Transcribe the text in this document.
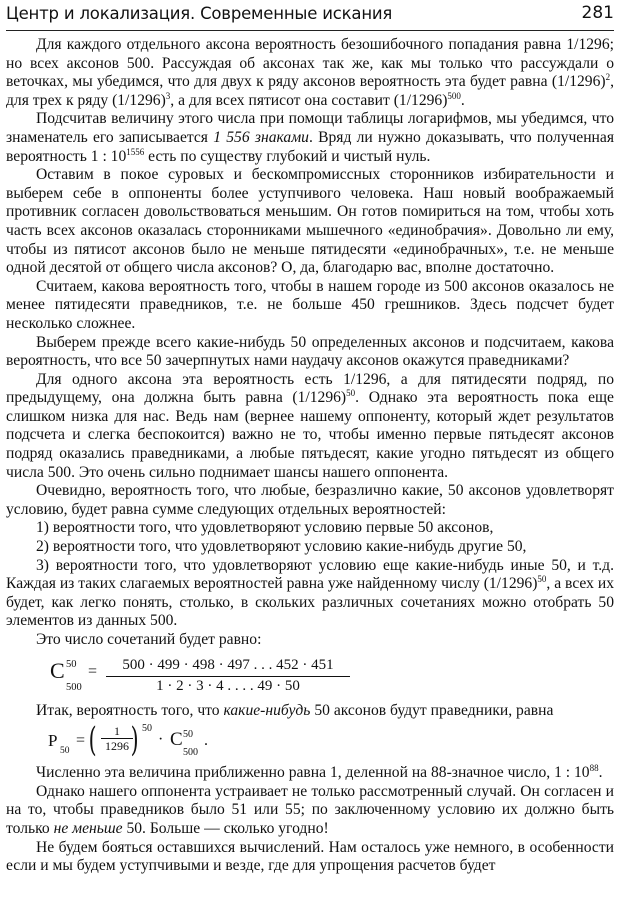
Центр и локализация. Современные искания	281

Для каждого отдельного аксона вероятность безошибочного попадания равна 1/1296; но всех аксонов 500. Рассуждая об аксонах так же, как мы только что рассуждали о веточках, мы убедимся, что для двух к ряду аксонов вероятность эта будет равна $(1/1296)^2$, для трех к ряду $(1/1296)^3$, а для всех пятисот она составит $(1/1296)^{500}$.

Подсчитав величину этого числа при помощи таблицы логарифмов, мы убедимся, что знаменатель его записывается 1 556 знаками. Вряд ли нужно доказывать, что полученная вероятность 1 : $10^{1556}$ есть по существу глубокий и чистый нуль.

Оставим в покое суровых и бескомпромиссных сторонников избирательности и выберем себе в оппоненты более уступчивого человека. Наш новый воображаемый противник согласен довольствоваться меньшим. Он готов помириться на том, чтобы хоть часть всех аксонов оказалась сторонниками мышечного «единобрачия». Довольно ли ему, чтобы из пятисот аксонов было не меньше пятидесяти «единобрачных», т.е. не меньше одной десятой от общего числа аксонов? О, да, благодарю вас, вполне достаточно.

Считаем, какова вероятность того, чтобы в нашем городе из 500 аксонов оказалось не менее пятидесяти праведников, т.е. не больше 450 грешников. Здесь подсчет будет несколько сложнее.

Выберем прежде всего какие-нибудь 50 определенных аксонов и подсчитаем, какова вероятность, что все 50 зачерпнутых нами наудачу аксонов окажутся праведниками?

Для одного аксона эта вероятность есть 1/1296, а для пятидесяти подряд, по предыдущему, она должна быть равна $(1/1296)^{50}$. Однако эта вероятность пока еще слишком низка для нас. Ведь нам (вернее нашему оппоненту, который ждет результатов подсчета и слегка беспокоится) важно не то, чтобы именно первые пятьдесят аксонов подряд оказались праведниками, а любые пятьдесят, какие угодно пятьдесят из общего числа 500. Это очень сильно поднимает шансы нашего оппонента.

Очевидно, вероятность того, что любые, безразлично какие, 50 аксонов удовлетворят условию, будет равна сумме следующих отдельных вероятностей:

1) вероятности того, что удовлетворяют условию первые 50 аксонов,

2) вероятности того, что удовлетворяют условию какие-нибудь другие 50,

3) вероятности того, что удовлетворяют условию еще какие-нибудь иные 50, и т.д. Каждая из таких слагаемых вероятностей равна уже найденному числу $(1/1296)^{50}$, а всех их будет, как легко понять, столько, в скольких различных сочетаниях можно отобрать 50 элементов из данных 500.

Это число сочетаний будет равно:

C 50
500
= $\frac{500 \cdot 499 \cdot 498 \cdot 497 . . . 452 \cdot 451}{1 \cdot 2 \cdot 3 \cdot 4 . . . . 49 \cdot 50}$

Итак, вероятность того, что какие-нибудь 50 аксонов будут праведники, равна

P
50
= ( $\frac{1}{1296}$
) 50
· C 50
500
.

Численно эта величина приближенно равна 1, деленной на 88-значное число, 1 : $10^{88}$.

Однако нашего оппонента устраивает не только рассмотренный случай. Он согласен и на то, чтобы праведников было 51 или 55; по заключенному условию их должно быть только не меньше 50. Больше — сколько угодно!

Не будем бояться оставшихся вычислений. Нам осталось уже немного, в особенности если и мы будем уступчивыми и везде, где для упрощения расчетов будет
